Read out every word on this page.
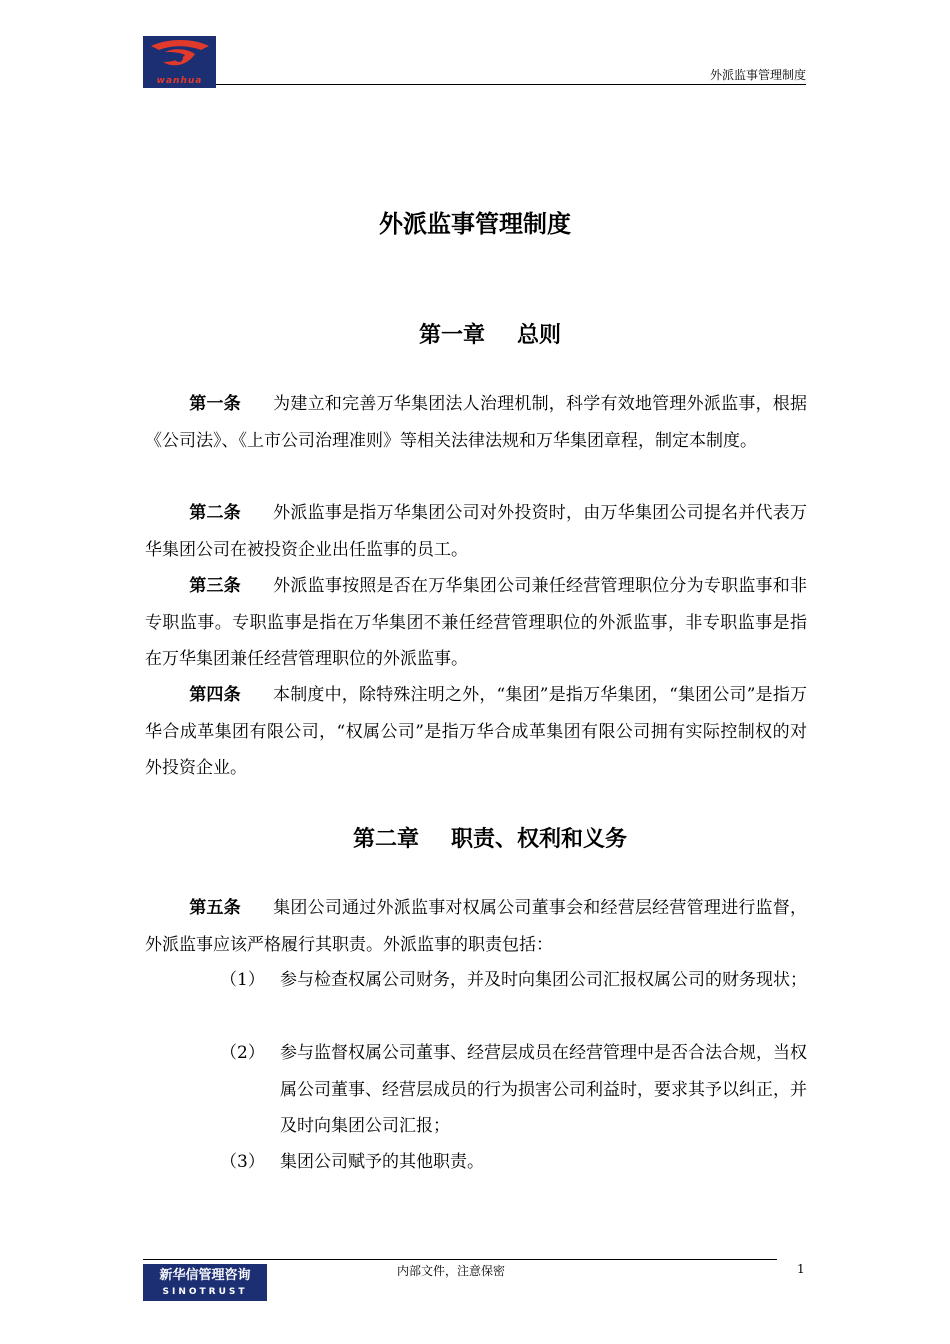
wanhua	外派监事管理制度
外派监事管理制度
第一章 总则

第一条 为建立和完善万华集团法人治理机制，科学有效地管理外派监事，根据《公司法》、《上市公司治理准则》等相关法律法规和万华集团章程，制定本制度。

第二条 外派监事是指万华集团公司对外投资时，由万华集团公司提名并代表万华集团公司在被投资企业出任监事的员工。

第三条 外派监事按照是否在万华集团公司兼任经营管理职位分为专职监事和非专职监事。专职监事是指在万华集团不兼任经营管理职位的外派监事，非专职监事是指在万华集团兼任经营管理职位的外派监事。

第四条 本制度中，除特殊注明之外，“集团”是指万华集团，“集团公司”是指万华合成革集团有限公司，“权属公司”是指万华合成革集团有限公司拥有实际控制权的对外投资企业。

第二章 职责、权利和义务

第五条 集团公司通过外派监事对权属公司董事会和经营层经营管理进行监督，外派监事应该严格履行其职责。外派监事的职责包括：

（1） 参与检查权属公司财务，并及时向集团公司汇报权属公司的财务现状；
（2） 参与监督权属公司董事、经营层成员在经营管理中是否合法合规，当权属公司董事、经营层成员的行为损害公司利益时，要求其予以纠正，并及时向集团公司汇报；
（3） 集团公司赋予的其他职责。
新华信管理咨询
SINOTRUST
内部文件，注意保密	1
